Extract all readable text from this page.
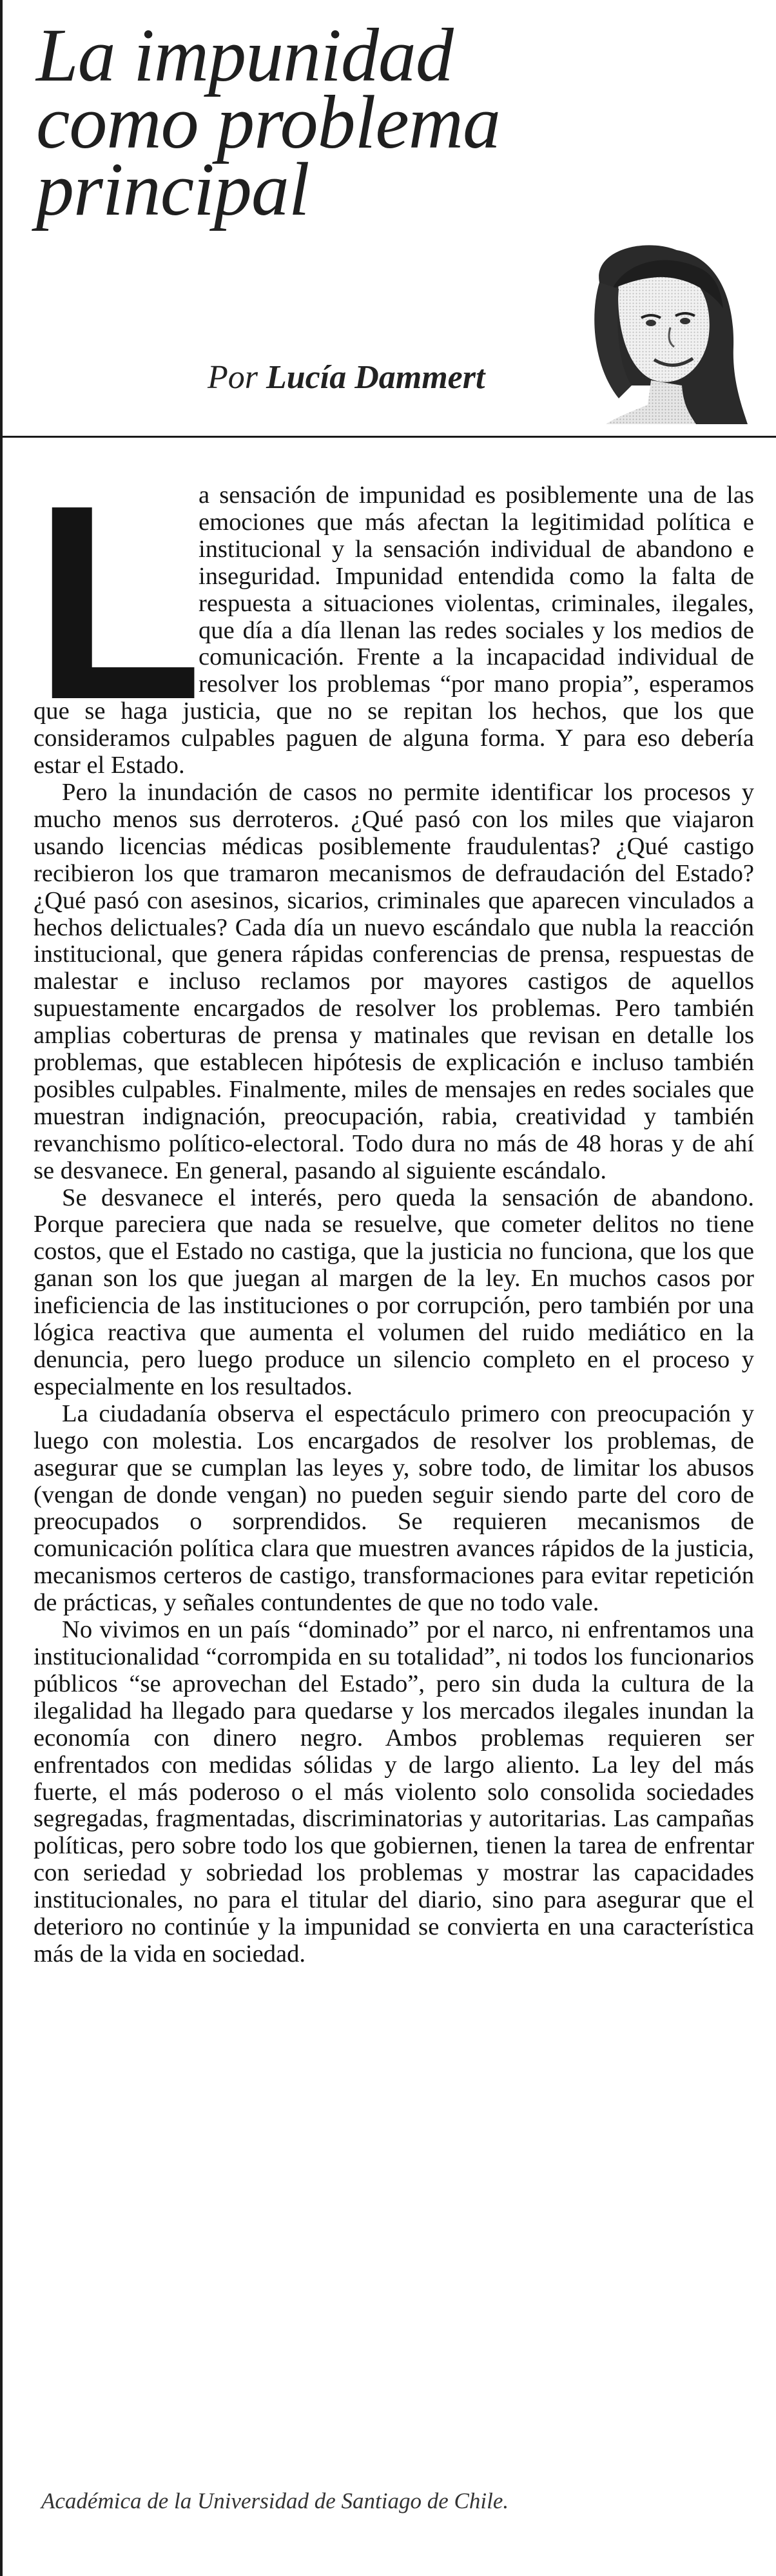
La impunidad
como problema
principal
Por Lucía Dammert
L

a sensación de impunidad es posiblemente una de las emociones que más afectan la legitimidad política e institucional y la sensación individual de abandono e inseguridad. Impunidad entendida como la falta de respuesta a situaciones violentas, criminales, ilegales, que día a día llenan las redes sociales y los medios de comunicación. Frente a la incapacidad individual de resolver los problemas “por mano propia”, esperamos que se haga justicia, que no se repitan los hechos, que los que consideramos culpables paguen de alguna forma. Y para eso debería estar el Estado.

Pero la inundación de casos no permite identificar los procesos y mucho menos sus derroteros. ¿Qué pasó con los miles que viajaron usando licencias médicas posiblemente fraudulentas? ¿Qué castigo recibieron los que tramaron mecanismos de defraudación del Estado? ¿Qué pasó con asesinos, sicarios, criminales que aparecen vinculados a hechos delictuales? Cada día un nuevo escándalo que nubla la reacción institucional, que genera rápidas conferencias de prensa, respuestas de malestar e incluso reclamos por mayores castigos de aquellos supuestamente encargados de resolver los problemas. Pero también amplias coberturas de prensa y matinales que revisan en detalle los problemas, que establecen hipótesis de explicación e incluso también posibles culpables. Finalmente, miles de mensajes en redes sociales que muestran indignación, preocupación, rabia, creatividad y también revanchismo político-electoral. Todo dura no más de 48 horas y de ahí se desvanece. En general, pasando al siguiente escándalo.

Se desvanece el interés, pero queda la sensación de abandono. Porque pareciera que nada se resuelve, que cometer delitos no tiene costos, que el Estado no castiga, que la justicia no funciona, que los que ganan son los que juegan al margen de la ley. En muchos casos por ineficiencia de las instituciones o por corrupción, pero también por una lógica reactiva que aumenta el volumen del ruido mediático en la denuncia, pero luego produce un silencio completo en el proceso y especialmente en los resultados.

La ciudadanía observa el espectáculo primero con preocupación y luego con molestia. Los encargados de resolver los problemas, de asegurar que se cumplan las leyes y, sobre todo, de limitar los abusos (vengan de donde vengan) no pueden seguir siendo parte del coro de preocupados o sorprendidos. Se requieren mecanismos de comunicación política clara que muestren avances rápidos de la justicia, mecanismos certeros de castigo, transformaciones para evitar repetición de prácticas, y señales contundentes de que no todo vale.

No vivimos en un país “dominado” por el narco, ni enfrentamos una institucionalidad “corrompida en su totalidad”, ni todos los funcionarios públicos “se aprovechan del Estado”, pero sin duda la cultura de la ilegalidad ha llegado para quedarse y los mercados ilegales inundan la economía con dinero negro. Ambos problemas requieren ser enfrentados con medidas sólidas y de largo aliento. La ley del más fuerte, el más poderoso o el más violento solo consolida sociedades segregadas, fragmentadas, discriminatorias y autoritarias. Las campañas políticas, pero sobre todo los que gobiernen, tienen la tarea de enfrentar con seriedad y sobriedad los problemas y mostrar las capacidades institucionales, no para el titular del diario, sino para asegurar que el deterioro no continúe y la impunidad se convierta en una característica más de la vida en sociedad.

Académica de la Universidad de Santiago de Chile.
